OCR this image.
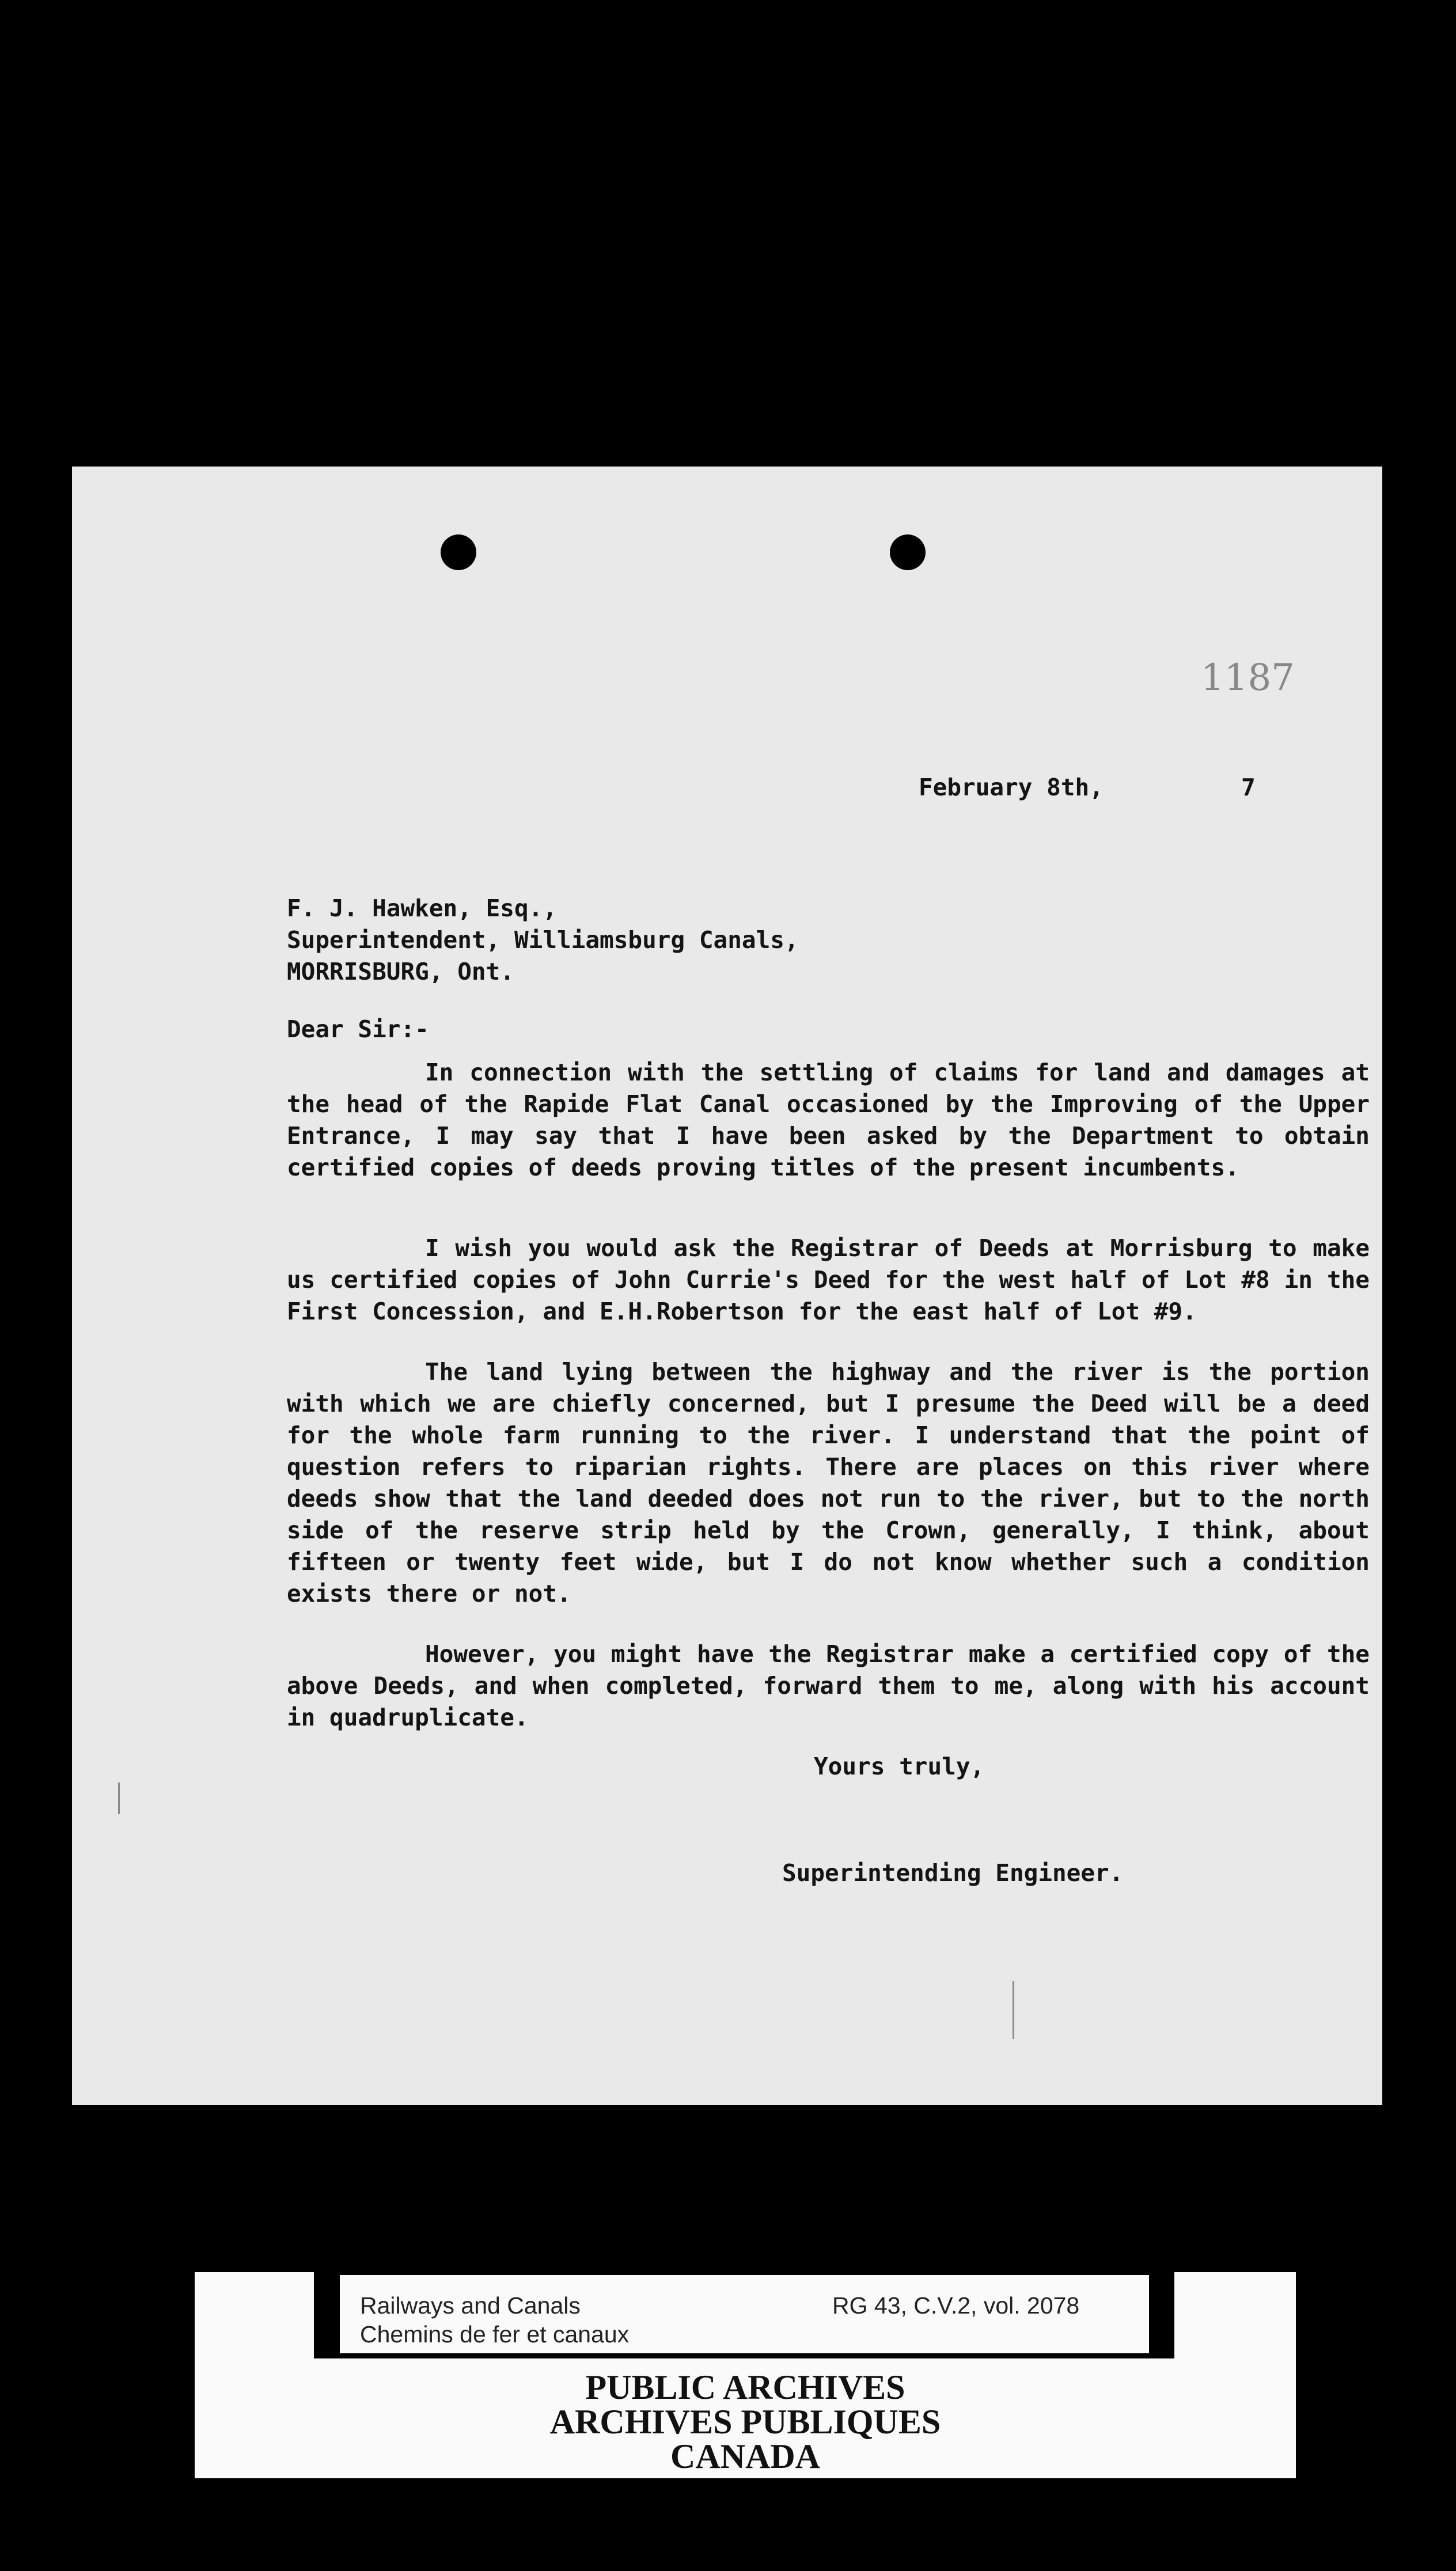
1187
February 8th,	7
F. J. Hawken, Esq.,
Superintendent, Williamsburg Canals,
MORRISBURG, Ont.
Dear Sir:-
In connection with the settling of claims for land and damages at the head of the Rapide Flat Canal occasioned by the Improving of the Upper Entrance, I may say that I have been asked by the Department to obtain certified copies of deeds proving titles of the present incumbents.
I wish you would ask the Registrar of Deeds at Morrisburg to make us certified copies of John Currie's Deed for the west half of Lot #8 in the First Concession, and E.H.Robertson for the east half of Lot #9.
The land lying between the highway and the river is the portion with which we are chiefly concerned, but I presume the Deed will be a deed for the whole farm running to the river. I understand that the point of question refers to riparian rights. There are places on this river where deeds show that the land deeded does not run to the river, but to the north side of the reserve strip held by the Crown, generally, I think, about fifteen or twenty feet wide, but I do not know whether such a condition exists there or not.
However, you might have the Registrar make a certified copy of the above Deeds, and when completed, forward them to me, along with his account in quadruplicate.
Yours truly,
Superintending Engineer.
Railways and Canals
Chemins de fer et canaux
RG 43, C.V.2, vol. 2078
PUBLIC ARCHIVES
ARCHIVES PUBLIQUES
CANADA
